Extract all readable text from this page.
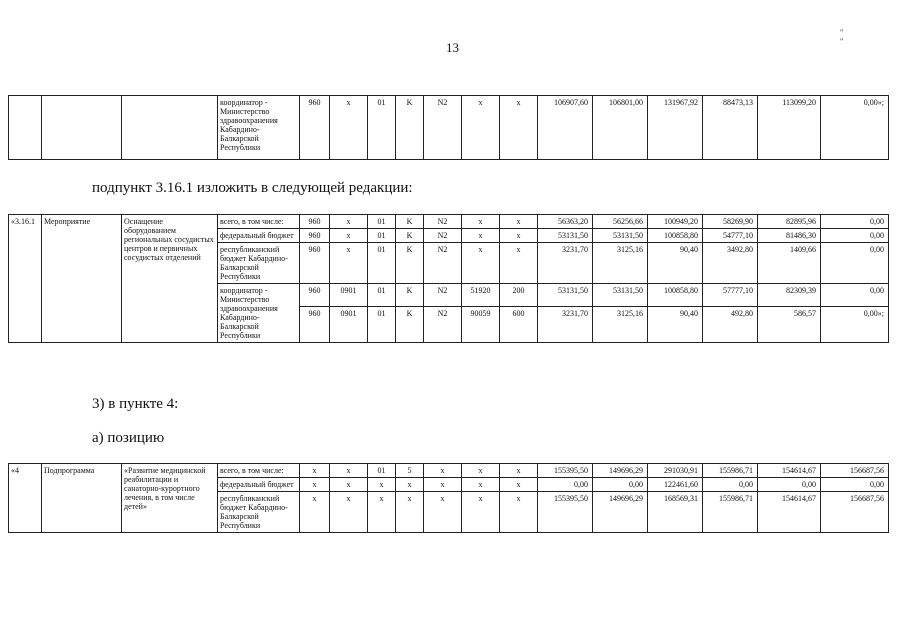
13
" "
			координатор - Министерство здравоохранения Кабардино-Балкарской Республики	960	x	01	K	N2	x	x	106907,60	106801,00	131967,92	88473,13	113099,20	0,00»;
подпункт 3.16.1 изложить в следующей редакции:
«3.16.1	Мероприятие	Оснащение оборудованием региональных сосудистых центров и первичных сосудистых отделений	всего, в том числе:	960	x	01	K	N2	x	x	56363,20	56256,66	100949,20	58269,90	82895,96	0,00
			федеральный бюджет	960	x	01	K	N2	x	x	53131,50	53131,50	100858,80	54777,10	81486,30	0,00
			республиканский бюджет Кабардино-Балкарской Республики	960	x	01	K	N2	x	x	3231,70	3125,16	90,40	3492,80	1409,66	0,00
			координатор - Министерство здравоохранения Кабардино-Балкарской Республики	960	0901	01	K	N2	51920	200	53131,50	53131,50	100858,80	57777,10	82309,39	0,00
				960	0901	01	K	N2	90059	600	3231,70	3125,16	90,40	492,80	586,57	0,00»;
3) в пункте 4:
а) позицию
«4	Подпрограмма	«Развитие медицинской реабилитации и санаторно-курортного лечения, в том числе детей»	всего, в том числе:	x	x	01	5	x	x	x	155395,50	149696,29	291030,91	155986,71	154614,67	156687,56
			федеральный бюджет	x	x	x	x	x	x	x	0,00	0,00	122461,60	0,00	0,00	0,00
			республиканский бюджет Кабардино-Балкарской Республики	x	x	x	x	x	x	x	155395,50	149696,29	168569,31	155986,71	154614,67	156687,56
